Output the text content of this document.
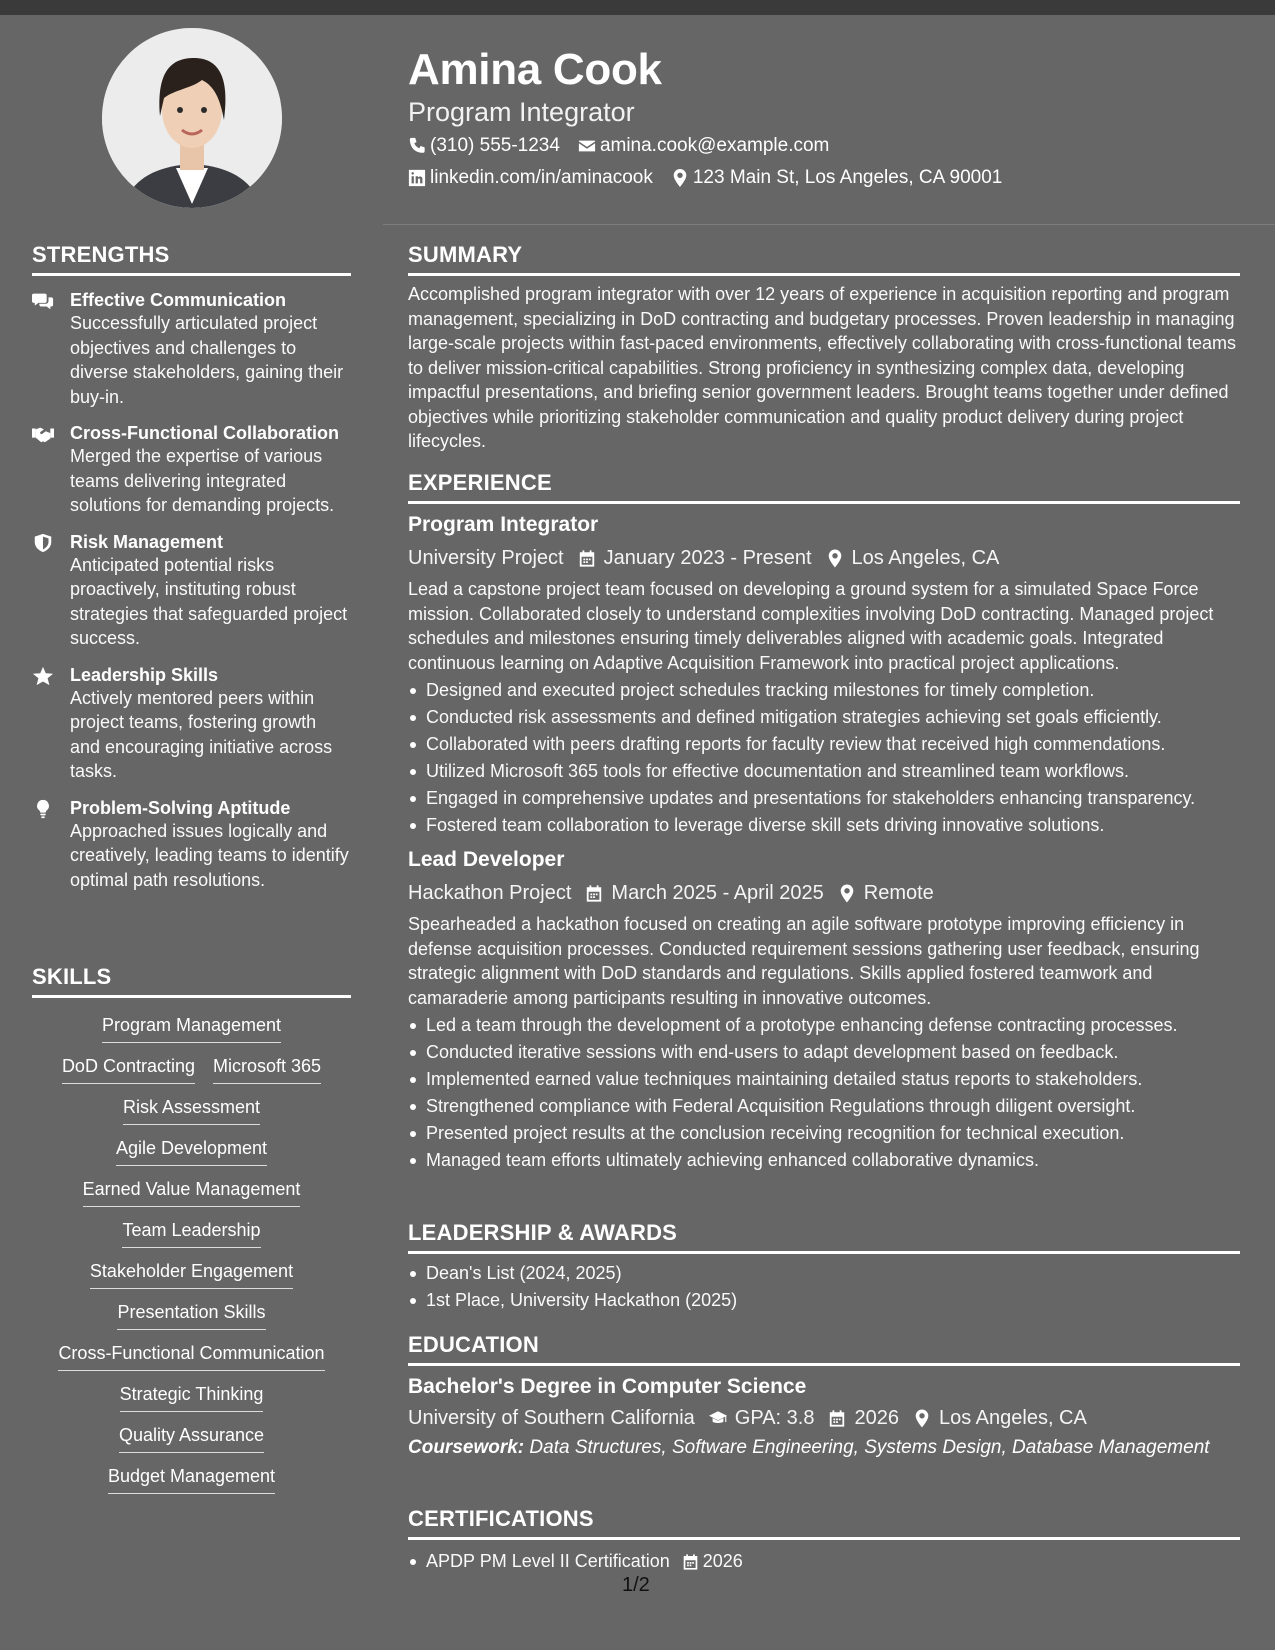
STRENGTHS
Effective Communication
Successfully articulated project objectives and challenges to diverse stakeholders, gaining their buy-in.
Cross-Functional Collaboration
Merged the expertise of various teams delivering integrated solutions for demanding projects.
Risk Management
Anticipated potential risks proactively, instituting robust strategies that safeguarded project success.
Leadership Skills
Actively mentored peers within project teams, fostering growth and encouraging initiative across tasks.
Problem-Solving Aptitude
Approached issues logically and creatively, leading teams to identify optimal path resolutions.
SKILLS
Program Management
DoD Contracting Microsoft 365
Risk Assessment
Agile Development
Earned Value Management
Team Leadership
Stakeholder Engagement
Presentation Skills
Cross-Functional Communication
Strategic Thinking
Quality Assurance
Budget Management
Amina Cook
Program Integrator
(310) 555-1234 amina.cook@example.com
linkedin.com/in/aminacook 123 Main St, Los Angeles, CA 90001
SUMMARY
Accomplished program integrator with over 12 years of experience in acquisition reporting and program management, specializing in DoD contracting and budgetary processes. Proven leadership in managing large-scale projects within fast-paced environments, effectively collaborating with cross-functional teams to deliver mission-critical capabilities. Strong proficiency in synthesizing complex data, developing impactful presentations, and briefing senior government leaders. Brought teams together under defined objectives while prioritizing stakeholder communication and quality product delivery during project lifecycles.
EXPERIENCE
Program Integrator
University Project January 2023 - Present Los Angeles, CA
Lead a capstone project team focused on developing a ground system for a simulated Space Force mission. Collaborated closely to understand complexities involving DoD contracting. Managed project schedules and milestones ensuring timely deliverables aligned with academic goals. Integrated continuous learning on Adaptive Acquisition Framework into practical project applications.
Designed and executed project schedules tracking milestones for timely completion.
Conducted risk assessments and defined mitigation strategies achieving set goals efficiently.
Collaborated with peers drafting reports for faculty review that received high commendations.
Utilized Microsoft 365 tools for effective documentation and streamlined team workflows.
Engaged in comprehensive updates and presentations for stakeholders enhancing transparency.
Fostered team collaboration to leverage diverse skill sets driving innovative solutions.
Lead Developer
Hackathon Project March 2025 - April 2025 Remote
Spearheaded a hackathon focused on creating an agile software prototype improving efficiency in defense acquisition processes. Conducted requirement sessions gathering user feedback, ensuring strategic alignment with DoD standards and regulations. Skills applied fostered teamwork and camaraderie among participants resulting in innovative outcomes.
Led a team through the development of a prototype enhancing defense contracting processes.
Conducted iterative sessions with end-users to adapt development based on feedback.
Implemented earned value techniques maintaining detailed status reports to stakeholders.
Strengthened compliance with Federal Acquisition Regulations through diligent oversight.
Presented project results at the conclusion receiving recognition for technical execution.
Managed team efforts ultimately achieving enhanced collaborative dynamics.
LEADERSHIP & AWARDS
Dean's List (2024, 2025)
1st Place, University Hackathon (2025)
EDUCATION
Bachelor's Degree in Computer Science
University of Southern California GPA: 3.8 2026 Los Angeles, CA
Coursework: Data Structures, Software Engineering, Systems Design, Database Management
CERTIFICATIONS
APDP PM Level II Certification 2026
1/2
